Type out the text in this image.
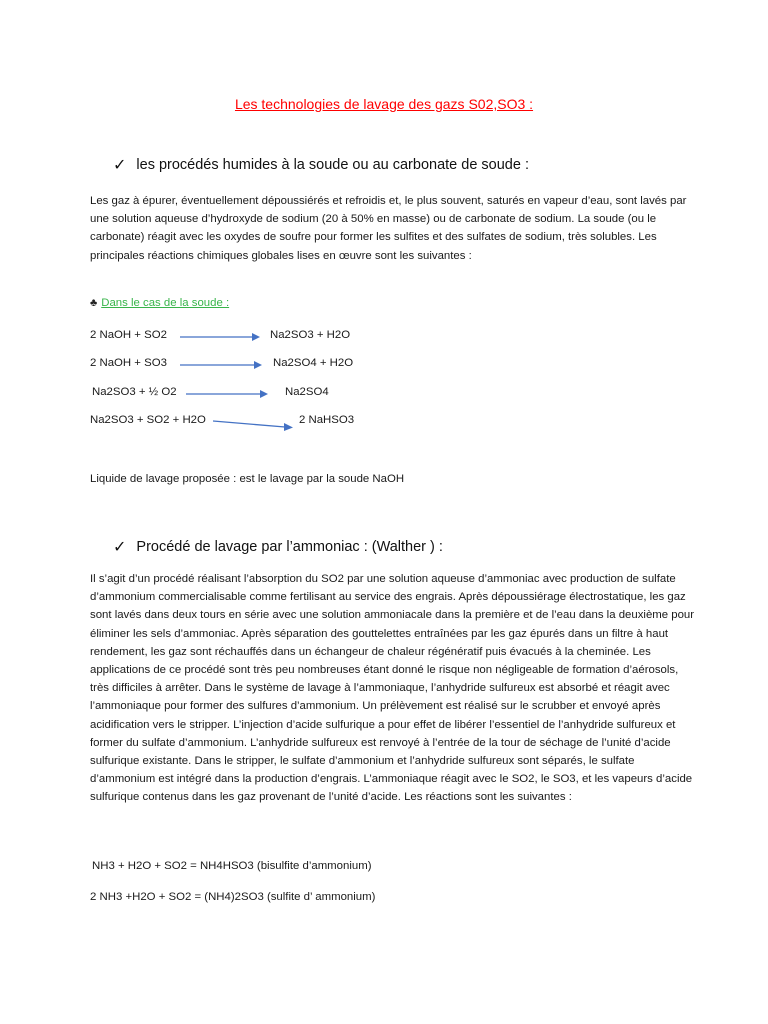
Les technologies de lavage des gazs S02,SO3 :
✓ les procédés humides à la soude ou au carbonate de soude :
Les gaz à épurer, éventuellement dépoussiérés et refroidis et, le plus souvent, saturés en vapeur d’eau, sont lavés par une solution aqueuse d’hydroxyde de sodium (20 à 50% en masse) ou de carbonate de sodium. La soude (ou le carbonate) réagit avec les oxydes de soufre pour former les sulfites et des sulfates de sodium, très solubles. Les principales réactions chimiques globales lises en œuvre sont les suivantes :
♣ Dans le cas de la soude :
2 NaOH + SO2	Na2SO3 + H2O
2 NaOH + SO3	Na2SO4 + H2O
Na2SO3 + ½ O2	Na2SO4
Na2SO3 + SO2 + H2O	2 NaHSO3
Liquide de lavage proposée : est le lavage par la soude NaOH
✓ Procédé de lavage par l’ammoniac : (Walther ) :
Il s’agit d’un procédé réalisant l’absorption du SO2 par une solution aqueuse d’ammoniac avec production de sulfate d’ammonium commercialisable comme fertilisant au service des engrais. Après dépoussiérage électrostatique, les gaz sont lavés dans deux tours en série avec une solution ammoniacale dans la première et de l’eau dans la deuxième pour éliminer les sels d’ammoniac. Après séparation des gouttelettes entraînées par les gaz épurés dans un filtre à haut rendement, les gaz sont réchauffés dans un échangeur de chaleur régénératif puis évacués à la cheminée. Les applications de ce procédé sont très peu nombreuses étant donné le risque non négligeable de formation d’aérosols, très difficiles à arrêter. Dans le système de lavage à l’ammoniaque, l’anhydride sulfureux est absorbé et réagit avec l’ammoniaque pour former des sulfures d’ammonium. Un prélèvement est réalisé sur le scrubber et envoyé après acidification vers le stripper. L’injection d’acide sulfurique a pour effet de libérer l’essentiel de l’anhydride sulfureux et former du sulfate d’ammonium. L’anhydride sulfureux est renvoyé à l’entrée de la tour de séchage de l’unité d’acide sulfurique existante. Dans le stripper, le sulfate d’ammonium et l’anhydride sulfureux sont séparés, le sulfate d’ammonium est intégré dans la production d’engrais. L’ammoniaque réagit avec le SO2, le SO3, et les vapeurs d’acide sulfurique contenus dans les gaz provenant de l’unité d’acide. Les réactions sont les suivantes :
NH3 + H2O + SO2 = NH4HSO3 (bisulfite d’ammonium)
2 NH3 +H2O + SO2 = (NH4)2SO3 (sulfite d’ ammonium)
